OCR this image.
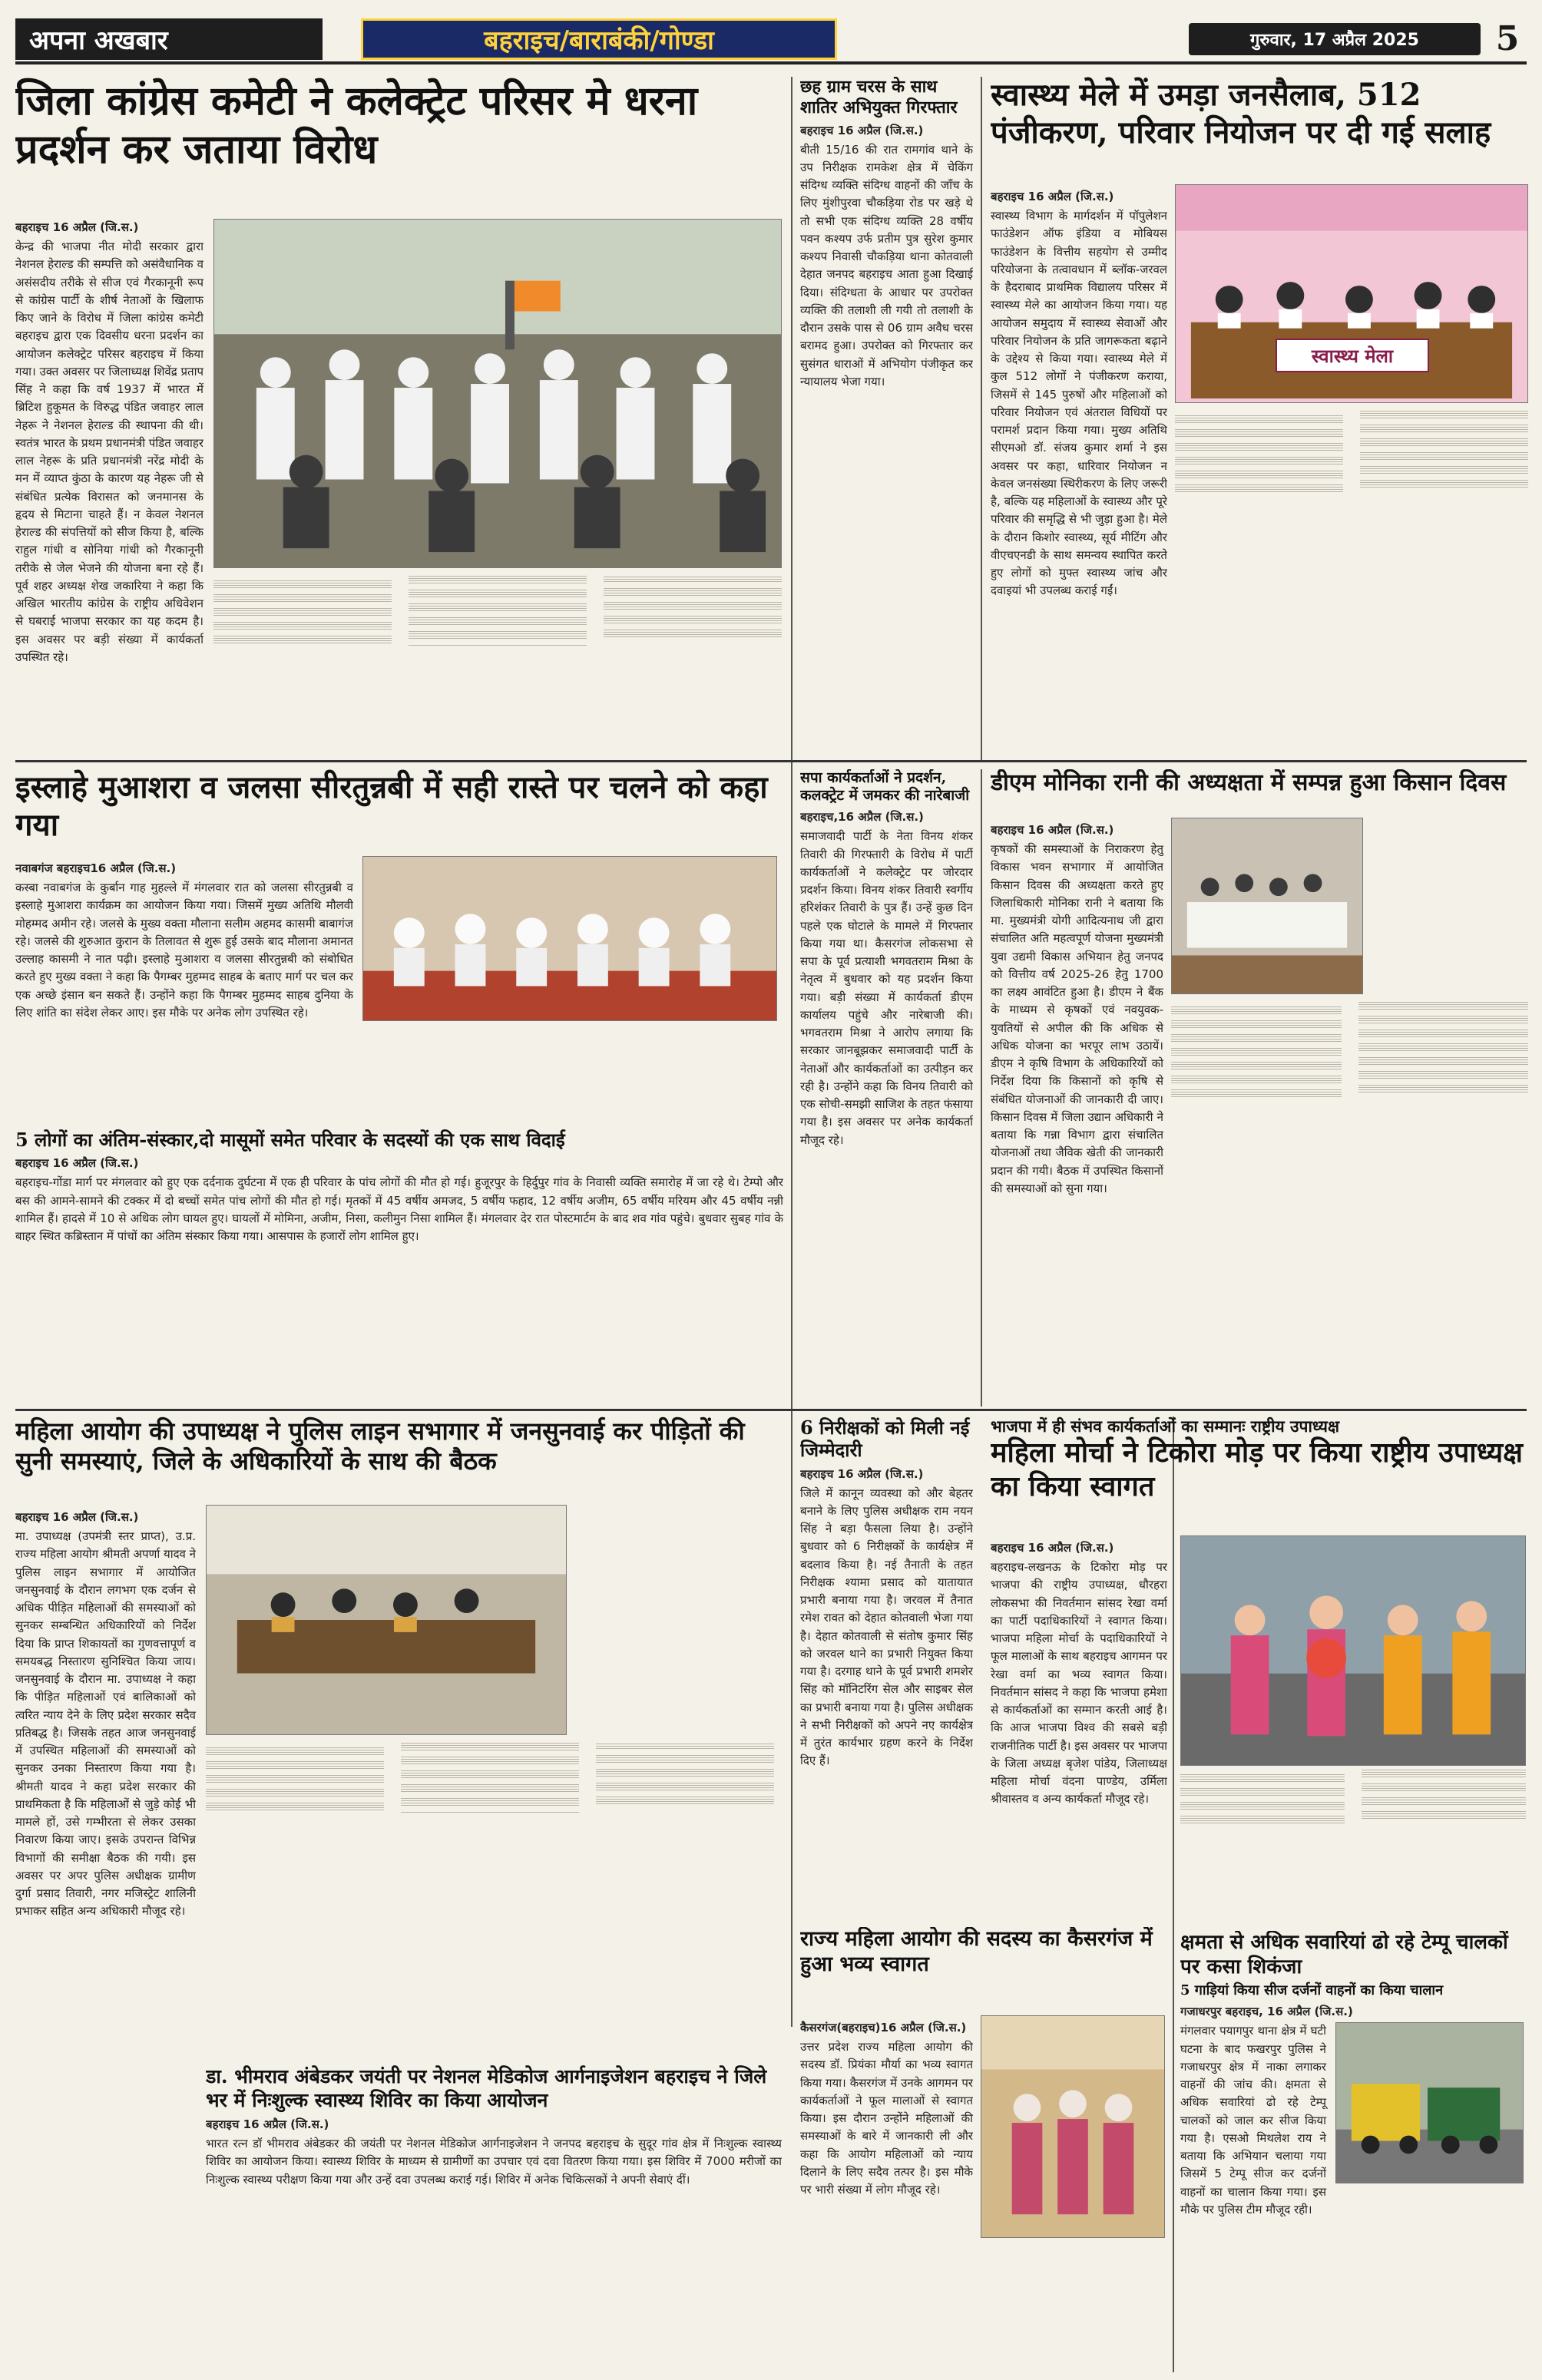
अपना अखबार	बहराइच/बाराबंकी/गोण्डा	गुरुवार, 17 अप्रैल 2025	5
जिला कांग्रेस कमेटी ने कलेक्ट्रेट परिसर मे धरना प्रदर्शन कर जताया विरोध
बहराइच 16 अप्रैल (जि.स.)
केन्द्र की भाजपा नीत मोदी सरकार द्वारा नेशनल हेराल्ड की सम्पत्ति को असंवैधानिक व असंसदीय तरीके से सीज एवं गैरकानूनी रूप से कांग्रेस पार्टी के शीर्ष नेताओं के खिलाफ किए जाने के विरोध में जिला कांग्रेस कमेटी बहराइच द्वारा एक दिवसीय धरना प्रदर्शन का आयोजन कलेक्ट्रेट परिसर बहराइच में किया गया। उक्त अवसर पर जिलाध्यक्ष शिवेंद्र प्रताप सिंह ने कहा कि वर्ष 1937 में भारत में ब्रिटिश हुकूमत के विरुद्ध पंडित जवाहर लाल नेहरू ने नेशनल हेराल्ड की स्थापना की थी। स्वतंत्र भारत के प्रथम प्रधानमंत्री पंडित जवाहर लाल नेहरू के प्रति प्रधानमंत्री नरेंद्र मोदी के मन में व्याप्त कुंठा के कारण यह नेहरू जी से संबंधित प्रत्येक विरासत को जनमानस के हृदय से मिटाना चाहते हैं। न केवल नेशनल हेराल्ड की संपत्तियों को सीज किया है, बल्कि राहुल गांधी व सोनिया गांधी को गैरकानूनी तरीके से जेल भेजने की योजना बना रहे हैं। पूर्व शहर अध्यक्ष शेख जकारिया ने कहा कि अखिल भारतीय कांग्रेस के राष्ट्रीय अधिवेशन से घबराई भाजपा सरकार का यह कदम है। इस अवसर पर बड़ी संख्या में कार्यकर्ता उपस्थित रहे।
छह ग्राम चरस के साथ शातिर अभियुक्त गिरफ्तार
बहराइच 16 अप्रैल (जि.स.)
बीती 15/16 की रात रामगांव थाने के उप निरीक्षक रामकेश क्षेत्र में चेकिंग संदिग्ध व्यक्ति संदिग्ध वाहनों की जाँच के लिए मुंशीपुरवा चौकड़िया रोड पर खड़े थे तो सभी एक संदिग्ध व्यक्ति 28 वर्षीय पवन कश्यप उर्फ प्रतीम पुत्र सुरेश कुमार कश्यप निवासी चौकड़िया थाना कोतवाली देहात जनपद बहराइच आता हुआ दिखाई दिया। संदिग्धता के आधार पर उपरोक्त व्यक्ति की तलाशी ली गयी तो तलाशी के दौरान उसके पास से 06 ग्राम अवैध चरस बरामद हुआ। उपरोक्त को गिरफ्तार कर सुसंगत धाराओं में अभियोग पंजीकृत कर न्यायालय भेजा गया।
स्वास्थ्य मेले में उमड़ा जनसैलाब, 512 पंजीकरण, परिवार नियोजन पर दी गई सलाह
बहराइच 16 अप्रैल (जि.स.)
स्वास्थ्य विभाग के मार्गदर्शन में पॉपुलेशन फाउंडेशन ऑफ इंडिया व मोबियस फाउंडेशन के वित्तीय सहयोग से उम्मीद परियोजना के तत्वावधान में ब्लॉक-जरवल के हैदराबाद प्राथमिक विद्यालय परिसर में स्वास्थ्य मेले का आयोजन किया गया। यह आयोजन समुदाय में स्वास्थ्य सेवाओं और परिवार नियोजन के प्रति जागरूकता बढ़ाने के उद्देश्य से किया गया। स्वास्थ्य मेले में कुल 512 लोगों ने पंजीकरण कराया, जिसमें से 145 पुरुषों और महिलाओं को परिवार नियोजन एवं अंतराल विधियों पर परामर्श प्रदान किया गया। मुख्य अतिथि सीएमओ डॉ. संजय कुमार शर्मा ने इस अवसर पर कहा, धारिवार नियोजन न केवल जनसंख्या स्थिरीकरण के लिए जरूरी है, बल्कि यह महिलाओं के स्वास्थ्य और पूरे परिवार की समृद्धि से भी जुड़ा हुआ है। मेले के दौरान किशोर स्वास्थ्य, सूर्य मीटिंग और वीएचएनडी के साथ समन्वय स्थापित करते हुए लोगों को मुफ्त स्वास्थ्य जांच और दवाइयां भी उपलब्ध कराई गईं।
स्वास्थ्य मेला
इस्लाहे मुआशरा व जलसा सीरतुन्नबी में सही रास्ते पर चलने को कहा गया
नवाबगंज बहराइच16 अप्रैल (जि.स.)
कस्बा नवाबगंज के कुर्बान गाह मुहल्ले में मंगलवार रात को जलसा सीरतुन्नबी व इस्लाहे मुआशरा कार्यक्रम का आयोजन किया गया। जिसमें मुख्य अतिथि मौलवी मोहम्मद अमीन रहे। जलसे के मुख्य वक्ता मौलाना सलीम अहमद कासमी बाबागंज रहे। जलसे की शुरुआत कुरान के तिलावत से शुरू हुई उसके बाद मौलाना अमानत उल्लाह कासमी ने नात पढ़ी। इस्लाहे मुआशरा व जलसा सीरतुन्नबी को संबोधित करते हुए मुख्य वक्ता ने कहा कि पैगम्बर मुहम्मद साहब के बताए मार्ग पर चल कर एक अच्छे इंसान बन सकते हैं। उन्होंने कहा कि पैगम्बर मुहम्मद साहब दुनिया के लिए शांति का संदेश लेकर आए। इस मौके पर अनेक लोग उपस्थित रहे।
5 लोगों का अंतिम-संस्कार,दो मासूमों समेत परिवार के सदस्यों की एक साथ विदाई
बहराइच 16 अप्रैल (जि.स.)
बहराइच-गोंडा मार्ग पर मंगलवार को हुए एक दर्दनाक दुर्घटना में एक ही परिवार के पांच लोगों की मौत हो गई। हुजूरपुर के हिर्दुपुर गांव के निवासी व्यक्ति समारोह में जा रहे थे। टेम्पो और बस की आमने-सामने की टक्कर में दो बच्चों समेत पांच लोगों की मौत हो गई। मृतकों में 45 वर्षीय अमजद, 5 वर्षीय फहाद, 12 वर्षीय अजीम, 65 वर्षीय मरियम और 45 वर्षीय नन्नी शामिल हैं। हादसे में 10 से अधिक लोग घायल हुए। घायलों में मोमिना, अजीम, निसा, कलीमुन निसा शामिल हैं। मंगलवार देर रात पोस्टमार्टम के बाद शव गांव पहुंचे। बुधवार सुबह गांव के बाहर स्थित कब्रिस्तान में पांचों का अंतिम संस्कार किया गया। आसपास के हजारों लोग शामिल हुए।
सपा कार्यकर्ताओं ने प्रदर्शन, कलक्ट्रेट में जमकर की नारेबाजी
बहराइच,16 अप्रैल (जि.स.)
समाजवादी पार्टी के नेता विनय शंकर तिवारी की गिरफ्तारी के विरोध में पार्टी कार्यकर्ताओं ने कलेक्ट्रेट पर जोरदार प्रदर्शन किया। विनय शंकर तिवारी स्वर्गीय हरिशंकर तिवारी के पुत्र हैं। उन्हें कुछ दिन पहले एक घोटाले के मामले में गिरफ्तार किया गया था। कैसरगंज लोकसभा से सपा के पूर्व प्रत्याशी भगवतराम मिश्रा के नेतृत्व में बुधवार को यह प्रदर्शन किया गया। बड़ी संख्या में कार्यकर्ता डीएम कार्यालय पहुंचे और नारेबाजी की। भगवतराम मिश्रा ने आरोप लगाया कि सरकार जानबूझकर समाजवादी पार्टी के नेताओं और कार्यकर्ताओं का उत्पीड़न कर रही है। उन्होंने कहा कि विनय तिवारी को एक सोची-समझी साजिश के तहत फंसाया गया है। इस अवसर पर अनेक कार्यकर्ता मौजूद रहे।
डीएम मोनिका रानी की अध्यक्षता में सम्पन्न हुआ किसान दिवस
बहराइच 16 अप्रैल (जि.स.)
कृषकों की समस्याओं के निराकरण हेतु विकास भवन सभागार में आयोजित किसान दिवस की अध्यक्षता करते हुए जिलाधिकारी मोनिका रानी ने बताया कि मा. मुख्यमंत्री योगी आदित्यनाथ जी द्वारा संचालित अति महत्वपूर्ण योजना मुख्यमंत्री युवा उद्यमी विकास अभियान हेतु जनपद को वित्तीय वर्ष 2025-26 हेतु 1700 का लक्ष्य आवंटित हुआ है। डीएम ने बैंक के माध्यम से कृषकों एवं नवयुवक-युवतियों से अपील की कि अधिक से अधिक योजना का भरपूर लाभ उठायें। डीएम ने कृषि विभाग के अधिकारियों को निर्देश दिया कि किसानों को कृषि से संबंधित योजनाओं की जानकारी दी जाए। किसान दिवस में जिला उद्यान अधिकारी ने बताया कि गन्ना विभाग द्वारा संचालित योजनाओं तथा जैविक खेती की जानकारी प्रदान की गयी। बैठक में उपस्थित किसानों की समस्याओं को सुना गया।
महिला आयोग की उपाध्यक्ष ने पुलिस लाइन सभागार में जनसुनवाई कर पीड़ितों की सुनी समस्याएं, जिले के अधिकारियों के साथ की बैठक
बहराइच 16 अप्रैल (जि.स.)
मा. उपाध्यक्ष (उपमंत्री स्तर प्राप्त), उ.प्र. राज्य महिला आयोग श्रीमती अपर्णा यादव ने पुलिस लाइन सभागार में आयोजित जनसुनवाई के दौरान लगभग एक दर्जन से अधिक पीड़ित महिलाओं की समस्याओं को सुनकर सम्बन्धित अधिकारियों को निर्देश दिया कि प्राप्त शिकायतों का गुणवत्तापूर्ण व समयबद्ध निस्तारण सुनिश्चित किया जाय। जनसुनवाई के दौरान मा. उपाध्यक्ष ने कहा कि पीड़ित महिलाओं एवं बालिकाओं को त्वरित न्याय देने के लिए प्रदेश सरकार सदैव प्रतिबद्ध है। जिसके तहत आज जनसुनवाई में उपस्थित महिलाओं की समस्याओं को सुनकर उनका निस्तारण किया गया है। श्रीमती यादव ने कहा प्रदेश सरकार की प्राथमिकता है कि महिलाओं से जुड़े कोई भी मामले हों, उसे गम्भीरता से लेकर उसका निवारण किया जाए। इसके उपरान्त विभिन्न विभागों की समीक्षा बैठक की गयी। इस अवसर पर अपर पुलिस अधीक्षक ग्रामीण दुर्गा प्रसाद तिवारी, नगर मजिस्ट्रेट शालिनी प्रभाकर सहित अन्य अधिकारी मौजूद रहे।
डा. भीमराव अंबेडकर जयंती पर नेशनल मेडिकोज आर्गनाइजेशन बहराइच ने जिले भर में निःशुल्क स्वास्थ्य शिविर का किया आयोजन
बहराइच 16 अप्रैल (जि.स.)
भारत रत्न डॉ भीमराव अंबेडकर की जयंती पर नेशनल मेडिकोज आर्गनाइजेशन ने जनपद बहराइच के सुदूर गांव क्षेत्र में निःशुल्क स्वास्थ्य शिविर का आयोजन किया। स्वास्थ्य शिविर के माध्यम से ग्रामीणों का उपचार एवं दवा वितरण किया गया। इस शिविर में 7000 मरीजों का निःशुल्क स्वास्थ्य परीक्षण किया गया और उन्हें दवा उपलब्ध कराई गई। शिविर में अनेक चिकित्सकों ने अपनी सेवाएं दीं।
6 निरीक्षकों को मिली नई जिम्मेदारी
बहराइच 16 अप्रैल (जि.स.)
जिले में कानून व्यवस्था को और बेहतर बनाने के लिए पुलिस अधीक्षक राम नयन सिंह ने बड़ा फैसला लिया है। उन्होंने बुधवार को 6 निरीक्षकों के कार्यक्षेत्र में बदलाव किया है। नई तैनाती के तहत निरीक्षक श्यामा प्रसाद को यातायात प्रभारी बनाया गया है। जरवल में तैनात रमेश रावत को देहात कोतवाली भेजा गया है। देहात कोतवाली से संतोष कुमार सिंह को जरवल थाने का प्रभारी नियुक्त किया गया है। दरगाह थाने के पूर्व प्रभारी शमशेर सिंह को मॉनिटरिंग सेल और साइबर सेल का प्रभारी बनाया गया है। पुलिस अधीक्षक ने सभी निरीक्षकों को अपने नए कार्यक्षेत्र में तुरंत कार्यभार ग्रहण करने के निर्देश दिए हैं।
राज्य महिला आयोग की सदस्य का कैसरगंज में हुआ भव्य स्वागत
कैसरगंज(बहराइच)16 अप्रैल (जि.स.)
उत्तर प्रदेश राज्य महिला आयोग की सदस्य डॉ. प्रियंका मौर्या का भव्य स्वागत किया गया। कैसरगंज में उनके आगमन पर कार्यकर्ताओं ने फूल मालाओं से स्वागत किया। इस दौरान उन्होंने महिलाओं की समस्याओं के बारे में जानकारी ली और कहा कि आयोग महिलाओं को न्याय दिलाने के लिए सदैव तत्पर है। इस मौके पर भारी संख्या में लोग मौजूद रहे।
भाजपा में ही संभव कार्यकर्ताओं का सम्मानः राष्ट्रीय उपाध्यक्ष
महिला मोर्चा ने टिकोरा मोड़ पर किया राष्ट्रीय उपाध्यक्ष का किया स्वागत
बहराइच 16 अप्रैल (जि.स.)
बहराइच-लखनऊ के टिकोरा मोड़ पर भाजपा की राष्ट्रीय उपाध्यक्ष, धौरहरा लोकसभा की निवर्तमान सांसद रेखा वर्मा का पार्टी पदाधिकारियों ने स्वागत किया। भाजपा महिला मोर्चा के पदाधिकारियों ने फूल मालाओं के साथ बहराइच आगमन पर रेखा वर्मा का भव्य स्वागत किया। निवर्तमान सांसद ने कहा कि भाजपा हमेशा से कार्यकर्ताओं का सम्मान करती आई है। कि आज भाजपा विश्व की सबसे बड़ी राजनीतिक पार्टी है। इस अवसर पर भाजपा के जिला अध्यक्ष बृजेश पांडेय, जिलाध्यक्ष महिला मोर्चा वंदना पाण्डेय, उर्मिला श्रीवास्तव व अन्य कार्यकर्ता मौजूद रहे।
क्षमता से अधिक सवारियां ढो रहे टेम्पू चालकों पर कसा शिकंजा
5 गाड़ियां किया सीज दर्जनों वाहनों का किया चालान
गजाधरपुर बहराइच, 16 अप्रैल (जि.स.)
मंगलवार पयागपुर थाना क्षेत्र में घटी घटना के बाद फखरपुर पुलिस ने गजाधरपुर क्षेत्र में नाका लगाकर वाहनों की जांच की। क्षमता से अधिक सवारियां ढो रहे टेम्पू चालकों को जाल कर सीज किया गया है। एसओ मिथलेश राय ने बताया कि अभियान चलाया गया जिसमें 5 टेम्पू सीज कर दर्जनों वाहनों का चालान किया गया। इस मौके पर पुलिस टीम मौजूद रही।
